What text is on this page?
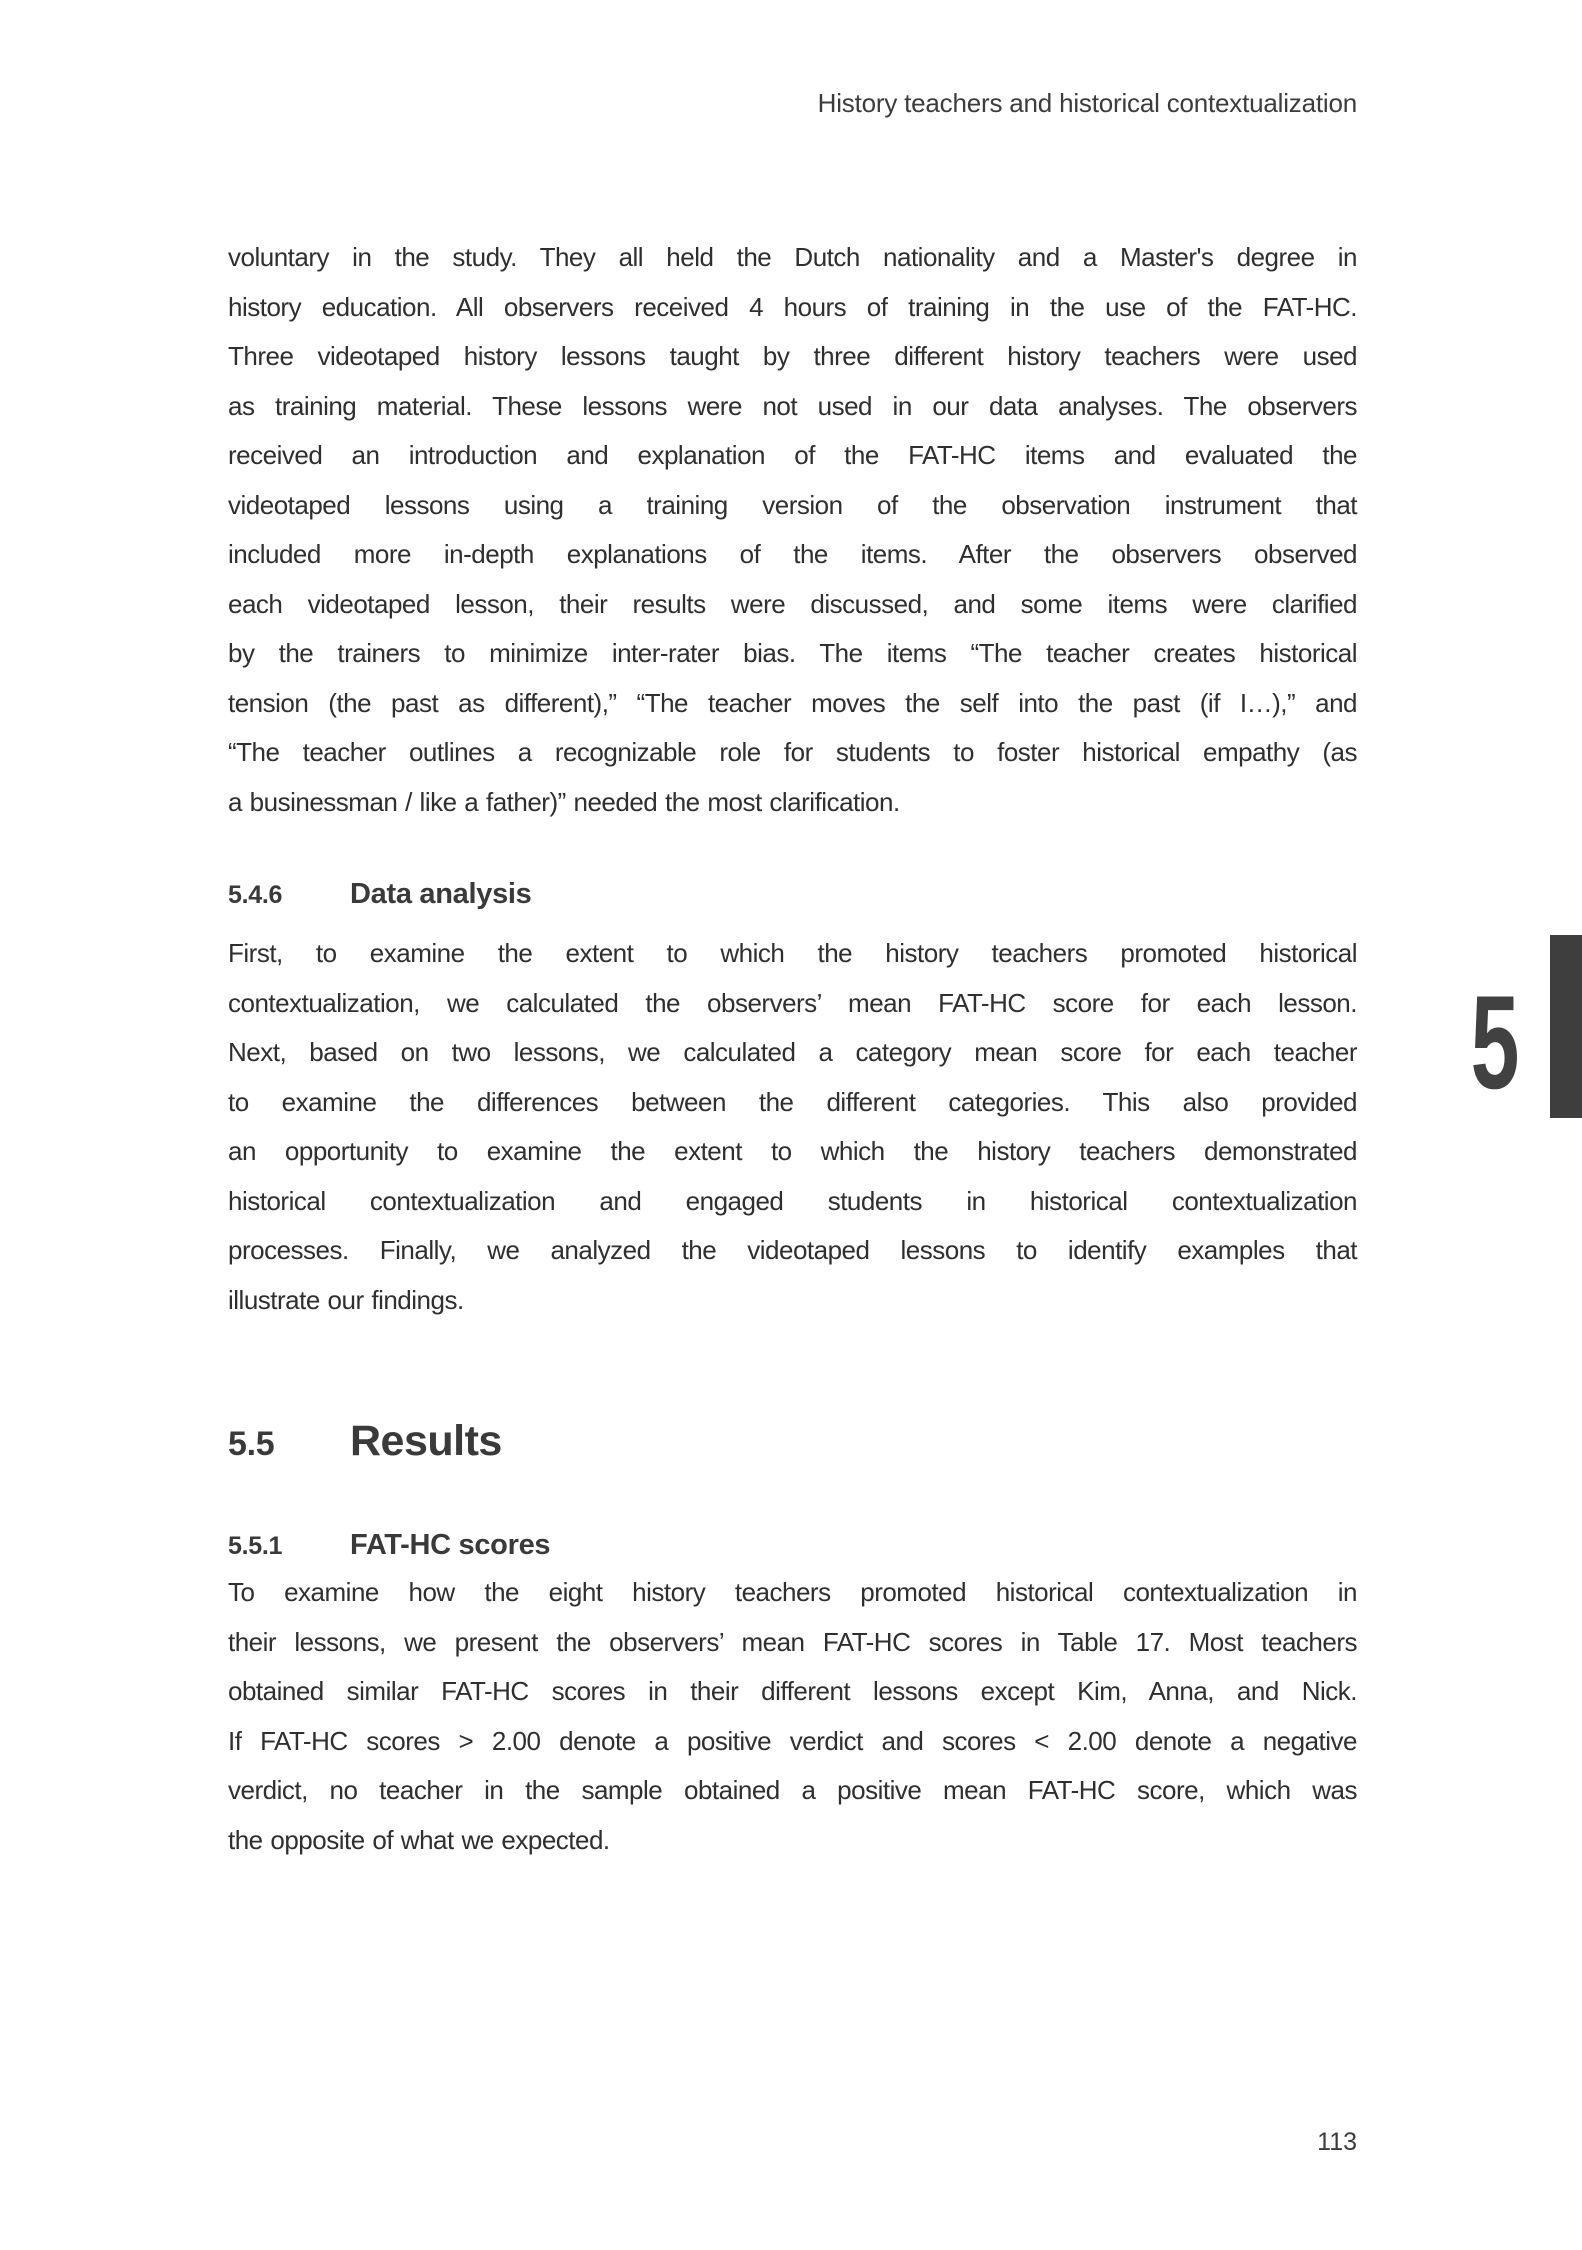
History teachers and historical contextualization
voluntary in the study. They all held the Dutch nationality and a Master's degree in
history education. All observers received 4 hours of training in the use of the FAT-HC.
Three videotaped history lessons taught by three different history teachers were used
as training material. These lessons were not used in our data analyses. The observers
received an introduction and explanation of the FAT-HC items and evaluated the
videotaped lessons using a training version of the observation instrument that
included more in-depth explanations of the items. After the observers observed
each videotaped lesson, their results were discussed, and some items were clarified
by the trainers to minimize inter-rater bias. The items “The teacher creates historical
tension (the past as different),” “The teacher moves the self into the past (if I…),” and
“The teacher outlines a recognizable role for students to foster historical empathy (as
a businessman / like a father)” needed the most clarification.
5.4.6	Data analysis
First, to examine the extent to which the history teachers promoted historical
contextualization, we calculated the observers’ mean FAT-HC score for each lesson.
Next, based on two lessons, we calculated a category mean score for each teacher
to examine the differences between the different categories. This also provided
an opportunity to examine the extent to which the history teachers demonstrated
historical contextualization and engaged students in historical contextualization
processes. Finally, we analyzed the videotaped lessons to identify examples that
illustrate our findings.
5
5.5	Results
5.5.1	FAT-HC scores
To examine how the eight history teachers promoted historical contextualization in
their lessons, we present the observers’ mean FAT-HC scores in Table 17. Most teachers
obtained similar FAT-HC scores in their different lessons except Kim, Anna, and Nick.
If FAT-HC scores > 2.00 denote a positive verdict and scores < 2.00 denote a negative
verdict, no teacher in the sample obtained a positive mean FAT-HC score, which was
the opposite of what we expected.
113
